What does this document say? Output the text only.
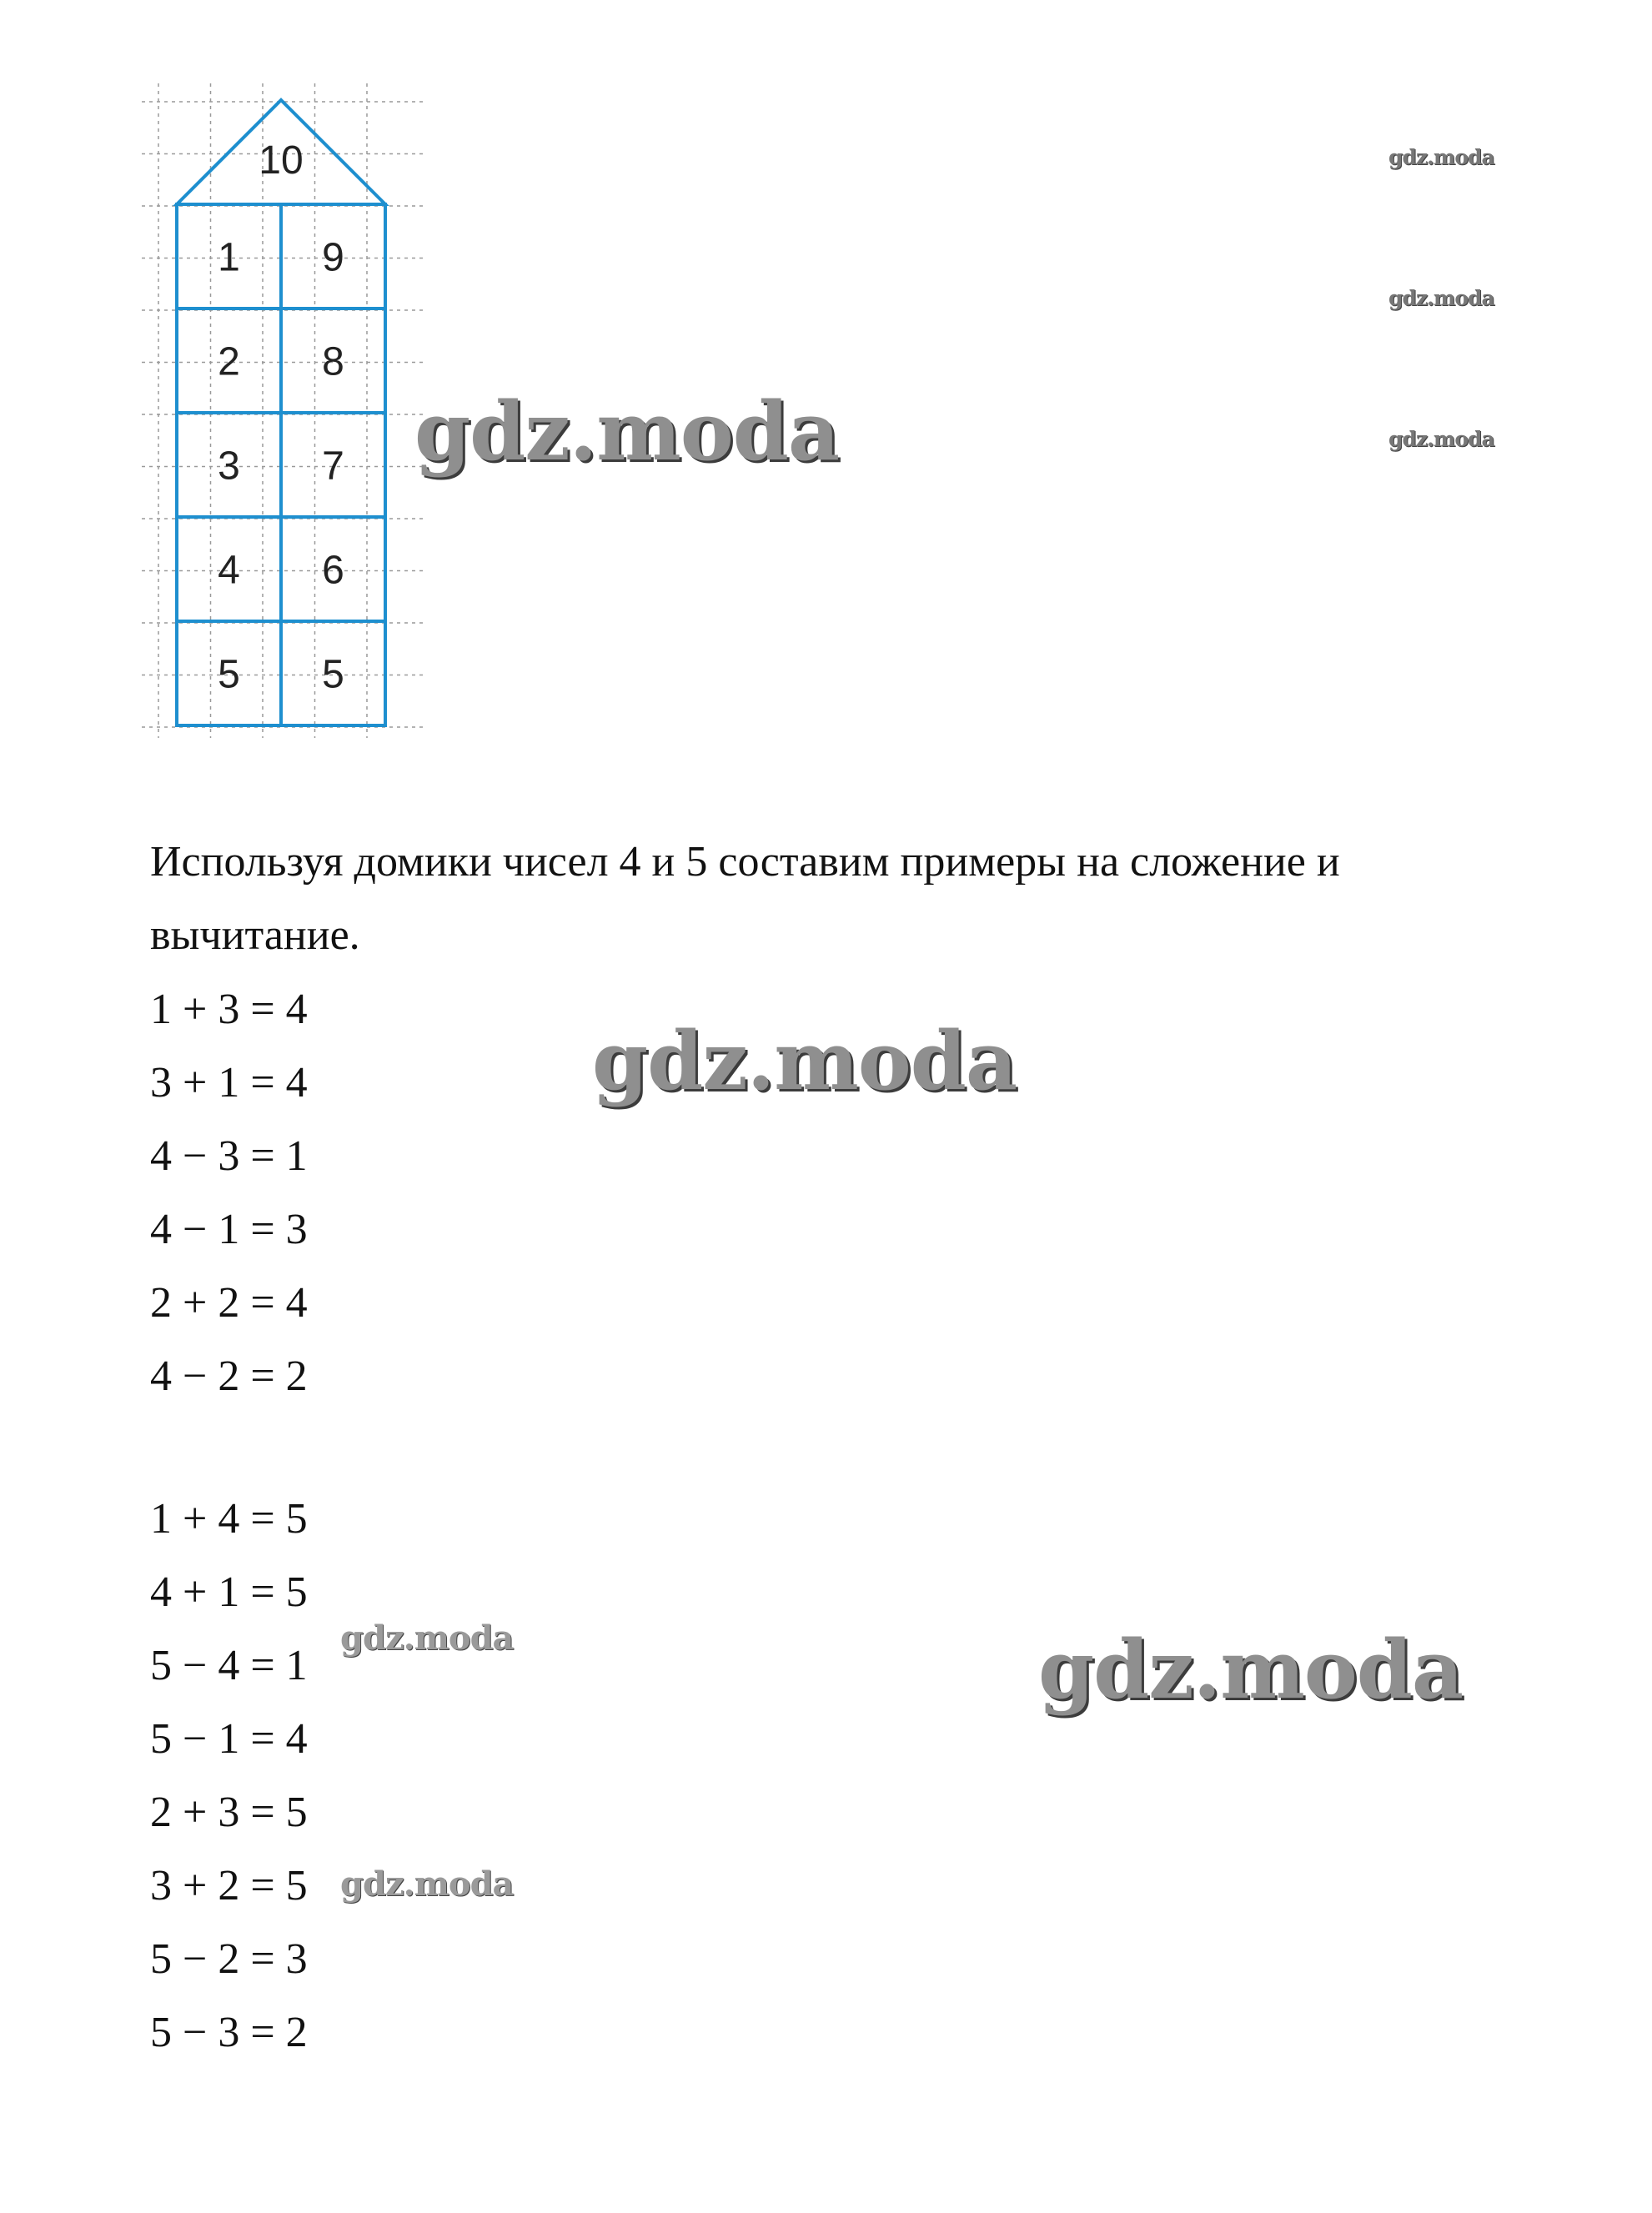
10
1 9
2 8
3 7
4 6
5 5
gdz.moda
gdz.moda
gdz.moda
gdz.moda
gdz.moda
gdz.moda
gdz.moda
gdz.moda

Используя домики чисел 4 и 5 составим примеры на сложение и вычитание.

1 + 3 = 4
3 + 1 = 4
4 − 3 = 1
4 − 1 = 3
2 + 2 = 4
4 − 2 = 2
1 + 4 = 5
4 + 1 = 5
5 − 4 = 1
5 − 1 = 4
2 + 3 = 5
3 + 2 = 5
5 − 2 = 3
5 − 3 = 2
